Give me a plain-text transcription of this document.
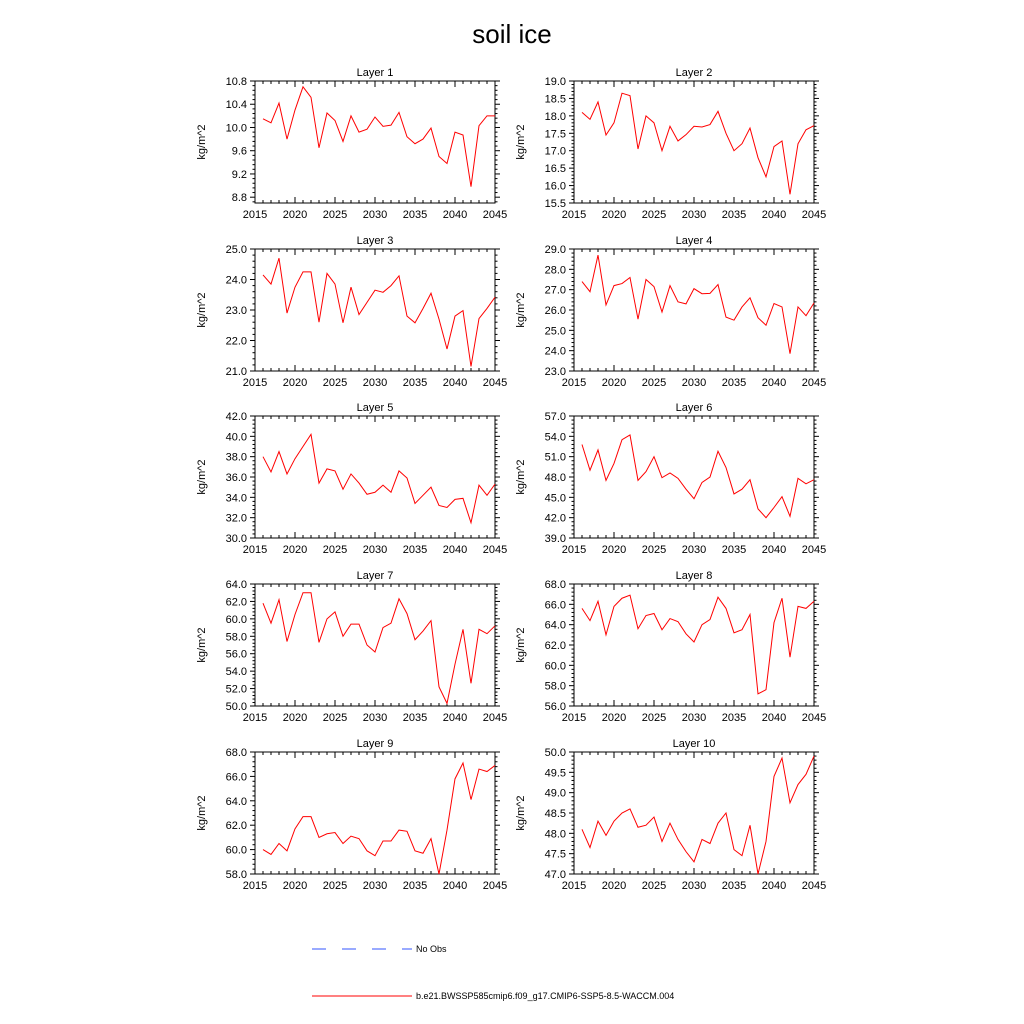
soil ice
Layer 1
kg/m^2
2015 2020 2025 2030 2035 2040 2045
8.8
9.2
9.6
10.0
10.4
10.8
Layer 2
kg/m^2
2015 2020 2025 2030 2035 2040 2045
15.5
16.0
16.5
17.0
17.5
18.0
18.5
19.0
Layer 3
kg/m^2
2015 2020 2025 2030 2035 2040 2045
21.0
22.0
23.0
24.0
25.0
Layer 4
kg/m^2
2015 2020 2025 2030 2035 2040 2045
23.0
24.0
25.0
26.0
27.0
28.0
29.0
Layer 5
kg/m^2
2015 2020 2025 2030 2035 2040 2045
30.0
32.0
34.0
36.0
38.0
40.0
42.0
Layer 6
kg/m^2
2015 2020 2025 2030 2035 2040 2045
39.0
42.0
45.0
48.0
51.0
54.0
57.0
Layer 7
kg/m^2
2015 2020 2025 2030 2035 2040 2045
50.0
52.0
54.0
56.0
58.0
60.0
62.0
64.0
Layer 8
kg/m^2
2015 2020 2025 2030 2035 2040 2045
56.0
58.0
60.0
62.0
64.0
66.0
68.0
Layer 9
kg/m^2
2015 2020 2025 2030 2035 2040 2045
58.0
60.0
62.0
64.0
66.0
68.0
Layer 10
kg/m^2
2015 2020 2025 2030 2035 2040 2045
47.0
47.5
48.0
48.5
49.0
49.5
50.0
No Obs
b.e21.BWSSP585cmip6.f09_g17.CMIP6-SSP5-8.5-WACCM.004
